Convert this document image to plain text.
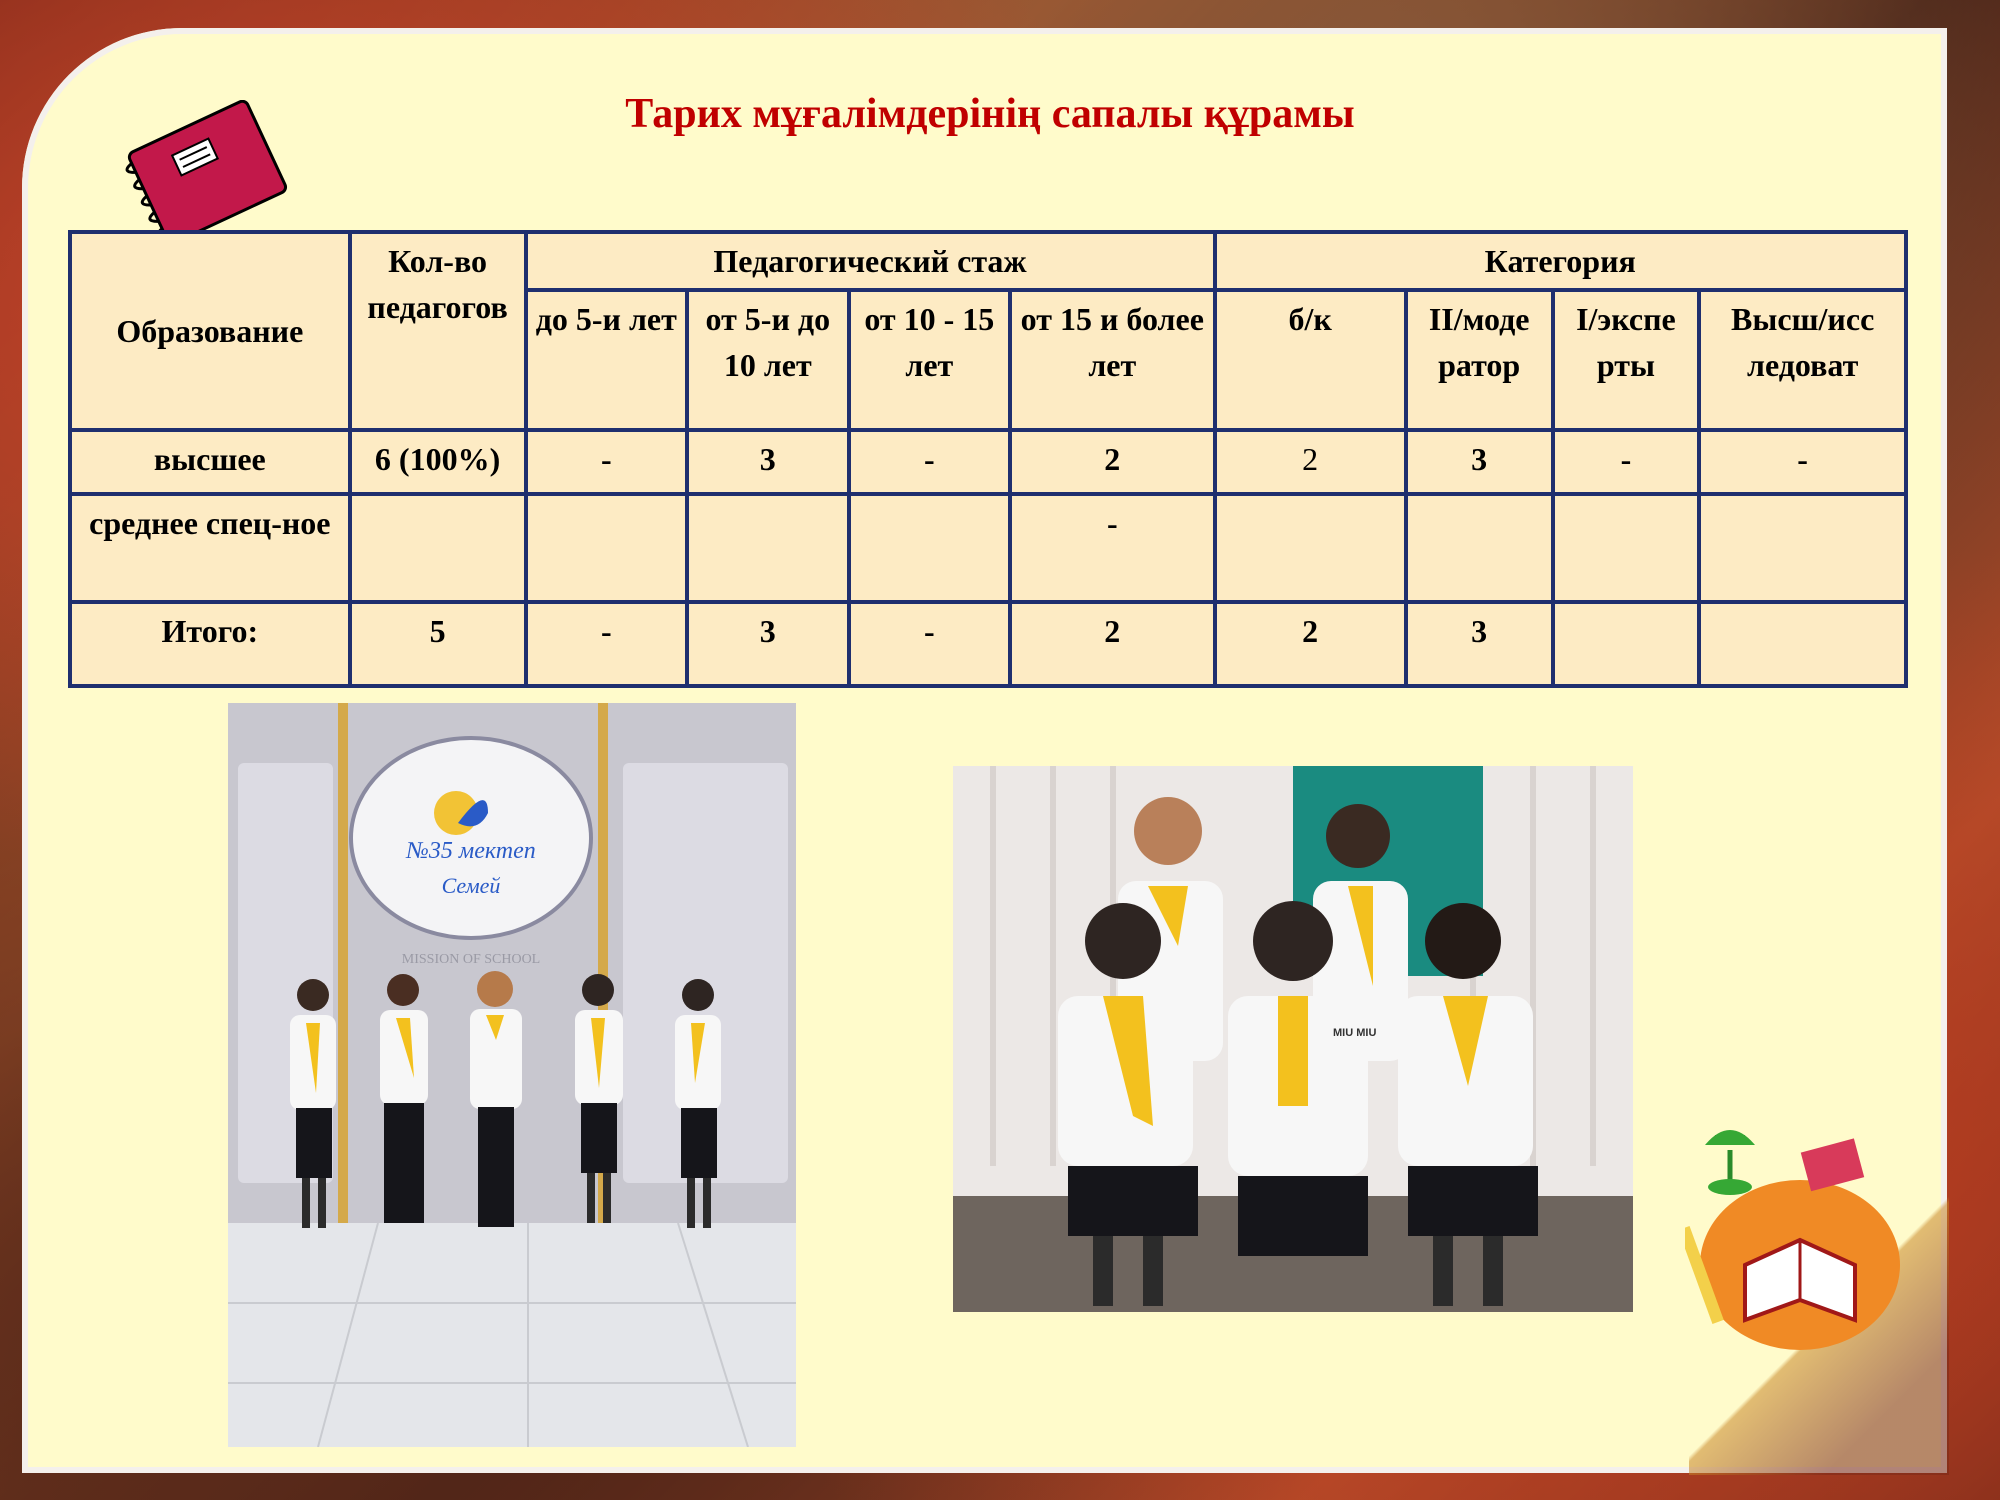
Тарих мұғалімдерінің сапалы құрамы
Образование	Кол-во педагогов	Педагогический стаж				Категория			
		до 5-и лет	от 5-и до 10 лет	от 10 - 15 лет	от 15 и более лет	б/к	II/моде ратор	I/экспе рты	Высш/исс ледоват
высшее	6 (100%)	-	3	-	2	2	3	-	-
среднее спец-ное					-				
Итого:	5	-	3	-	2	2	3		
№35 мектеп
Семей
MISSION OF SCHOOL
MIU MIU
